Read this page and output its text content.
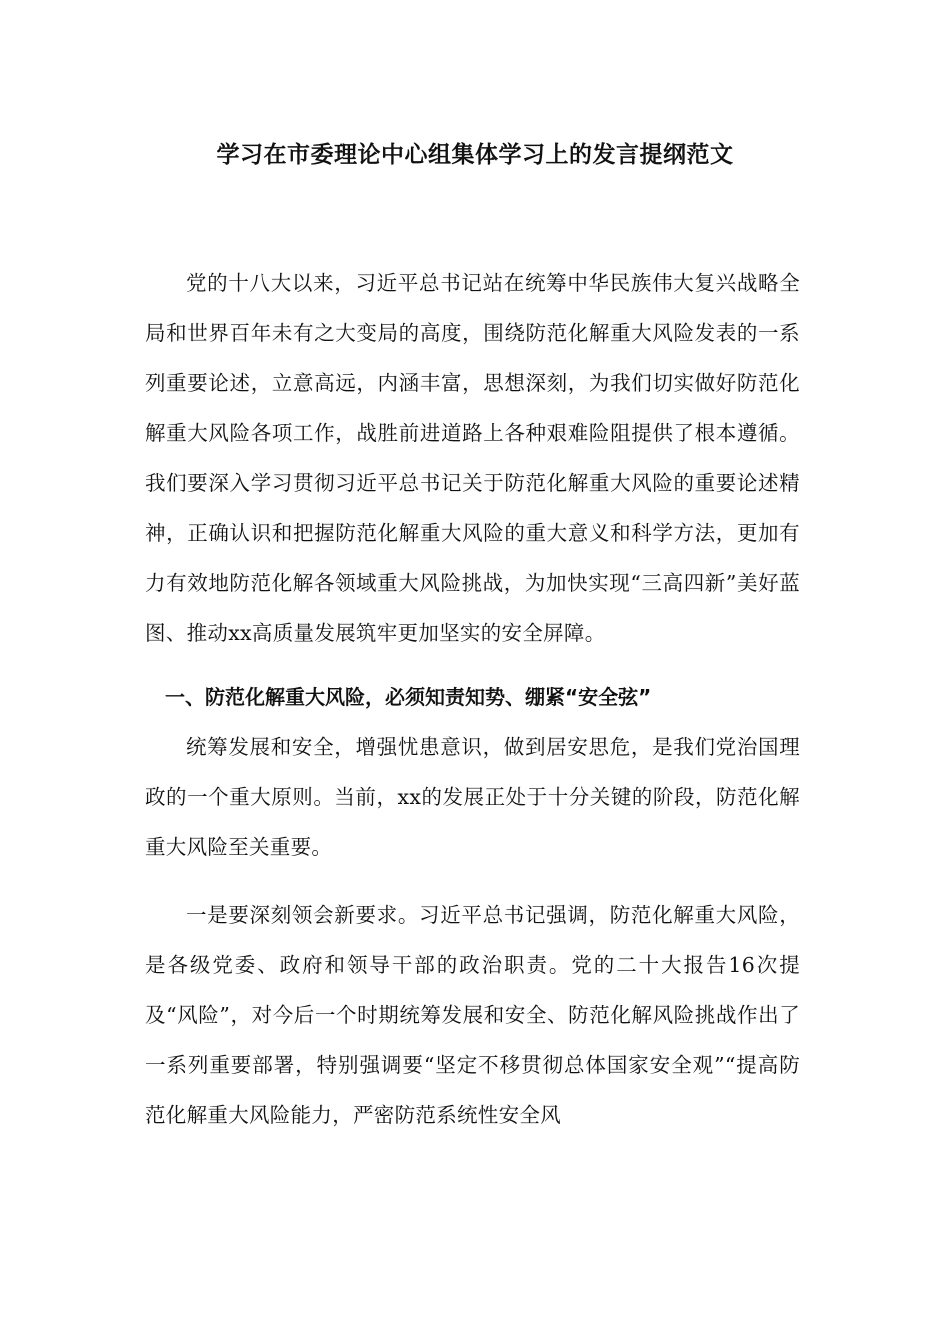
学习在市委理论中心组集体学习上的发言提纲范文

党的十八大以来，习近平总书记站在统筹中华民族伟大复兴战略全局和世界百年未有之大变局的高度，围绕防范化解重大风险发表的一系列重要论述，立意高远，内涵丰富，思想深刻，为我们切实做好防范化解重大风险各项工作，战胜前进道路上各种艰难险阻提供了根本遵循。我们要深入学习贯彻习近平总书记关于防范化解重大风险的重要论述精神，正确认识和把握防范化解重大风险的重大意义和科学方法，更加有力有效地防范化解各领域重大风险挑战，为加快实现“三高四新”美好蓝图、推动xx高质量发展筑牢更加坚实的安全屏障。

一、防范化解重大风险，必须知责知势、绷紧“安全弦”

统筹发展和安全，增强忧患意识，做到居安思危，是我们党治国理政的一个重大原则。当前，xx的发展正处于十分关键的阶段，防范化解重大风险至关重要。

一是要深刻领会新要求。习近平总书记强调，防范化解重大风险，是各级党委、政府和领导干部的政治职责。党的二十大报告16次提及“风险”，对今后一个时期统筹发展和安全、防范化解风险挑战作出了一系列重要部署，特别强调要“坚定不移贯彻总体国家安全观”“提高防范化解重大风险能力，严密防范系统性安全风
